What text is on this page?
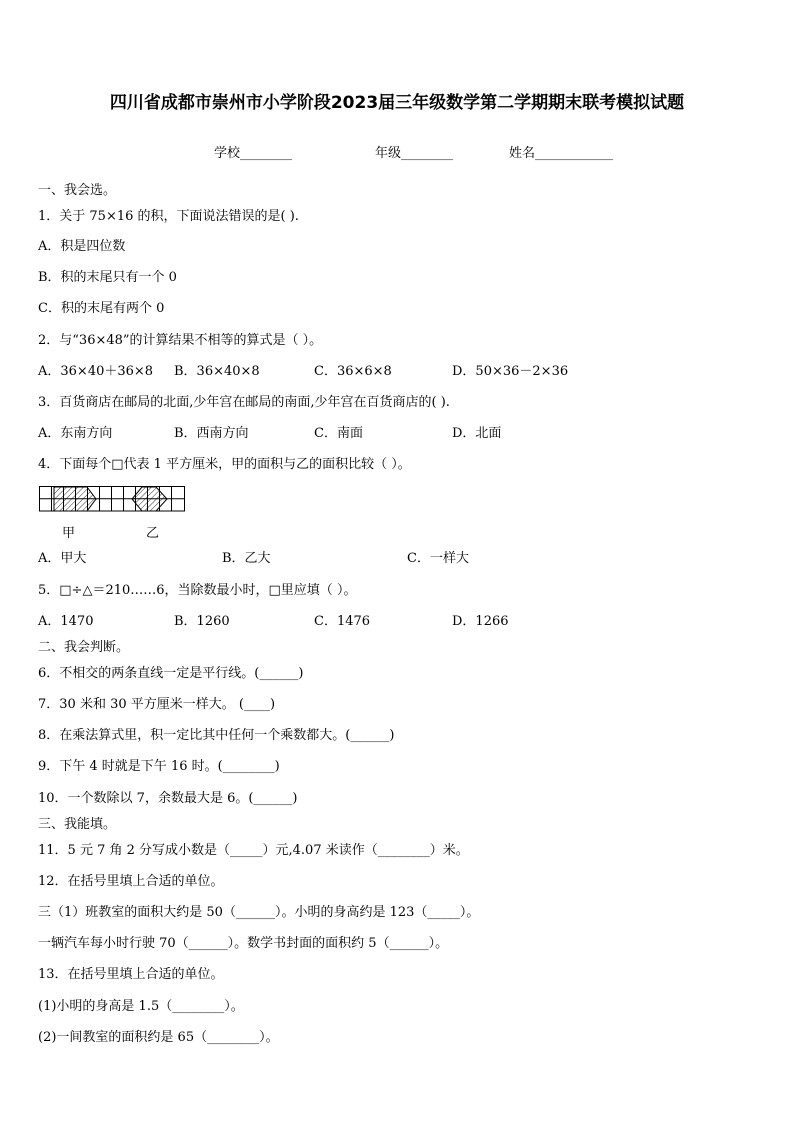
四川省成都市崇州市小学阶段2023届三年级数学第二学期期末联考模拟试题
学校________	年级________	姓名____________
一、我会选。
1．关于 75×16 的积，下面说法错误的是( ).
A．积是四位数
B．积的末尾只有一个 0
C．积的末尾有两个 0
2．与“36×48”的计算结果不相等的算式是（ ）。
A．36×40＋36×8 B．36×40×8	C．36×6×8	D．50×36－2×36
3．百货商店在邮局的北面,少年宫在邮局的南面,少年宫在百货商店的( ).
A．东南方向	B．西南方向	C．南面	D．北面
4．下面每个□代表 1 平方厘米，甲的面积与乙的面积比较（ ）。
甲	乙
A．甲大	B．乙大	C．一样大
5．□÷△＝210……6，当除数最小时，□里应填（ ）。
A．1470	B．1260	C．1476	D．1266
二、我会判断。
6．不相交的两条直线一定是平行线。(______)
7．30 米和 30 平方厘米一样大。 (____)
8．在乘法算式里，积一定比其中任何一个乘数都大。(______)
9．下午 4 时就是下午 16 时。(________)
10．一个数除以 7，余数最大是 6。(______)
三、我能填。
11．5 元 7 角 2 分写成小数是（_____）元,4.07 米读作（________）米。
12．在括号里填上合适的单位。
三（1）班教室的面积大约是 50（______）。小明的身高约是 123（_____）。
一辆汽车每小时行驶 70（______）。数学书封面的面积约 5（______）。
13．在括号里填上合适的单位。
(1)小明的身高是 1.5（________）。
(2)一间教室的面积约是 65（________）。
